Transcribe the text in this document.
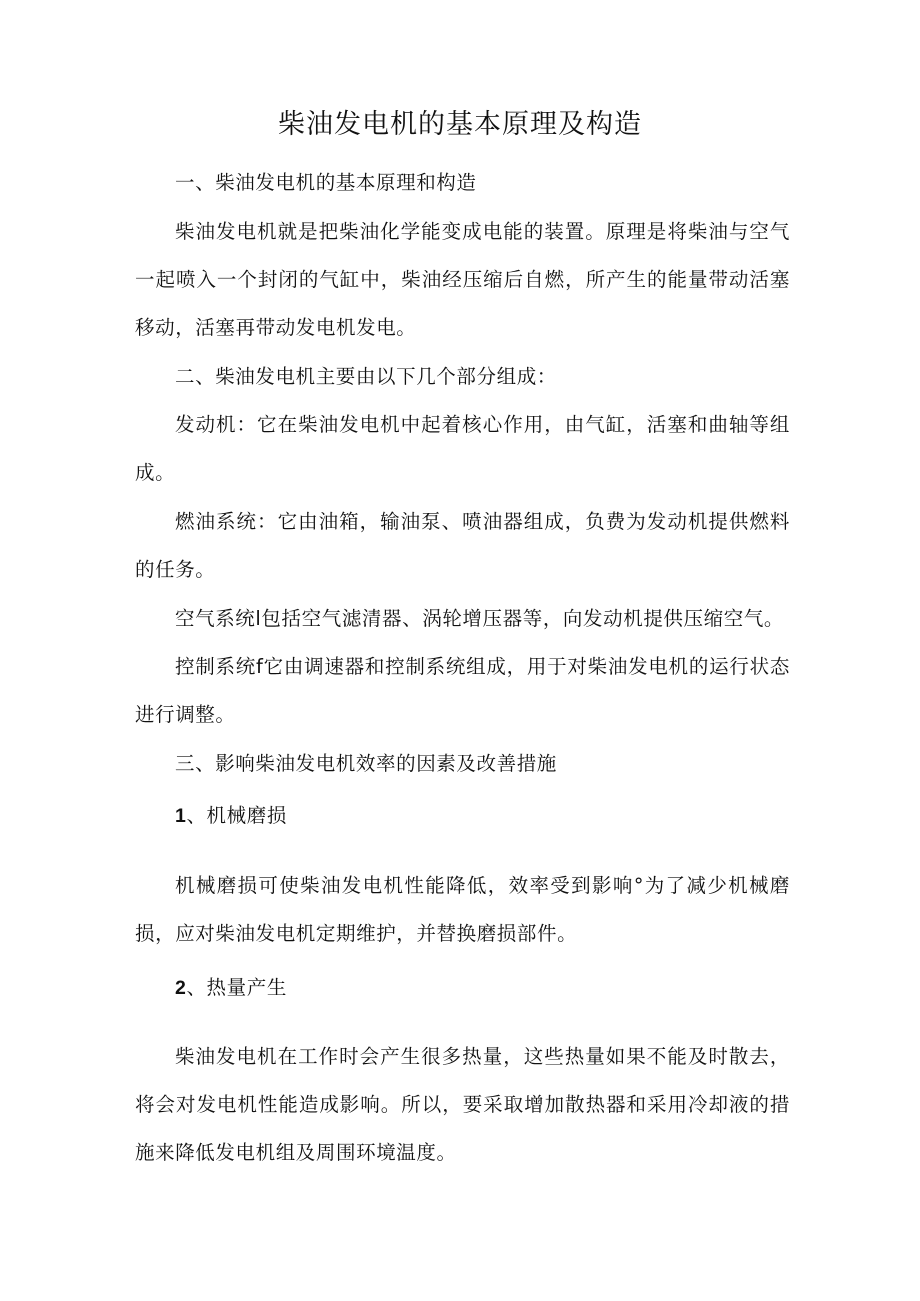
柴油发电机的基本原理及构造

一、柴油发电机的基本原理和构造

柴油发电机就是把柴油化学能变成电能的装置。原理是将柴油与空气一起喷入一个封闭的气缸中，柴油经压缩后自燃，所产生的能量带动活塞移动，活塞再带动发电机发电。

二、柴油发电机主要由以下几个部分组成：

发动机：它在柴油发电机中起着核心作用，由气缸，活塞和曲轴等组成。

燃油系统：它由油箱，输油泵、喷油器组成，负费为发动机提供燃料的任务。

空气系统l包括空气滤清器、涡轮增压器等，向发动机提供压缩空气。

控制系统f它由调速器和控制系统组成，用于对柴油发电机的运行状态进行调整。

三、影响柴油发电机效率的因素及改善措施

1、机械磨损

机械磨损可使柴油发电机性能降低，效率受到影响°为了减少机械磨损，应对柴油发电机定期维护，并替换磨损部件。

2、热量产生

柴油发电机在工作时会产生很多热量，这些热量如果不能及时散去，将会对发电机性能造成影响。所以，要采取增加散热器和采用冷却液的措施来降低发电机组及周围环境温度。
